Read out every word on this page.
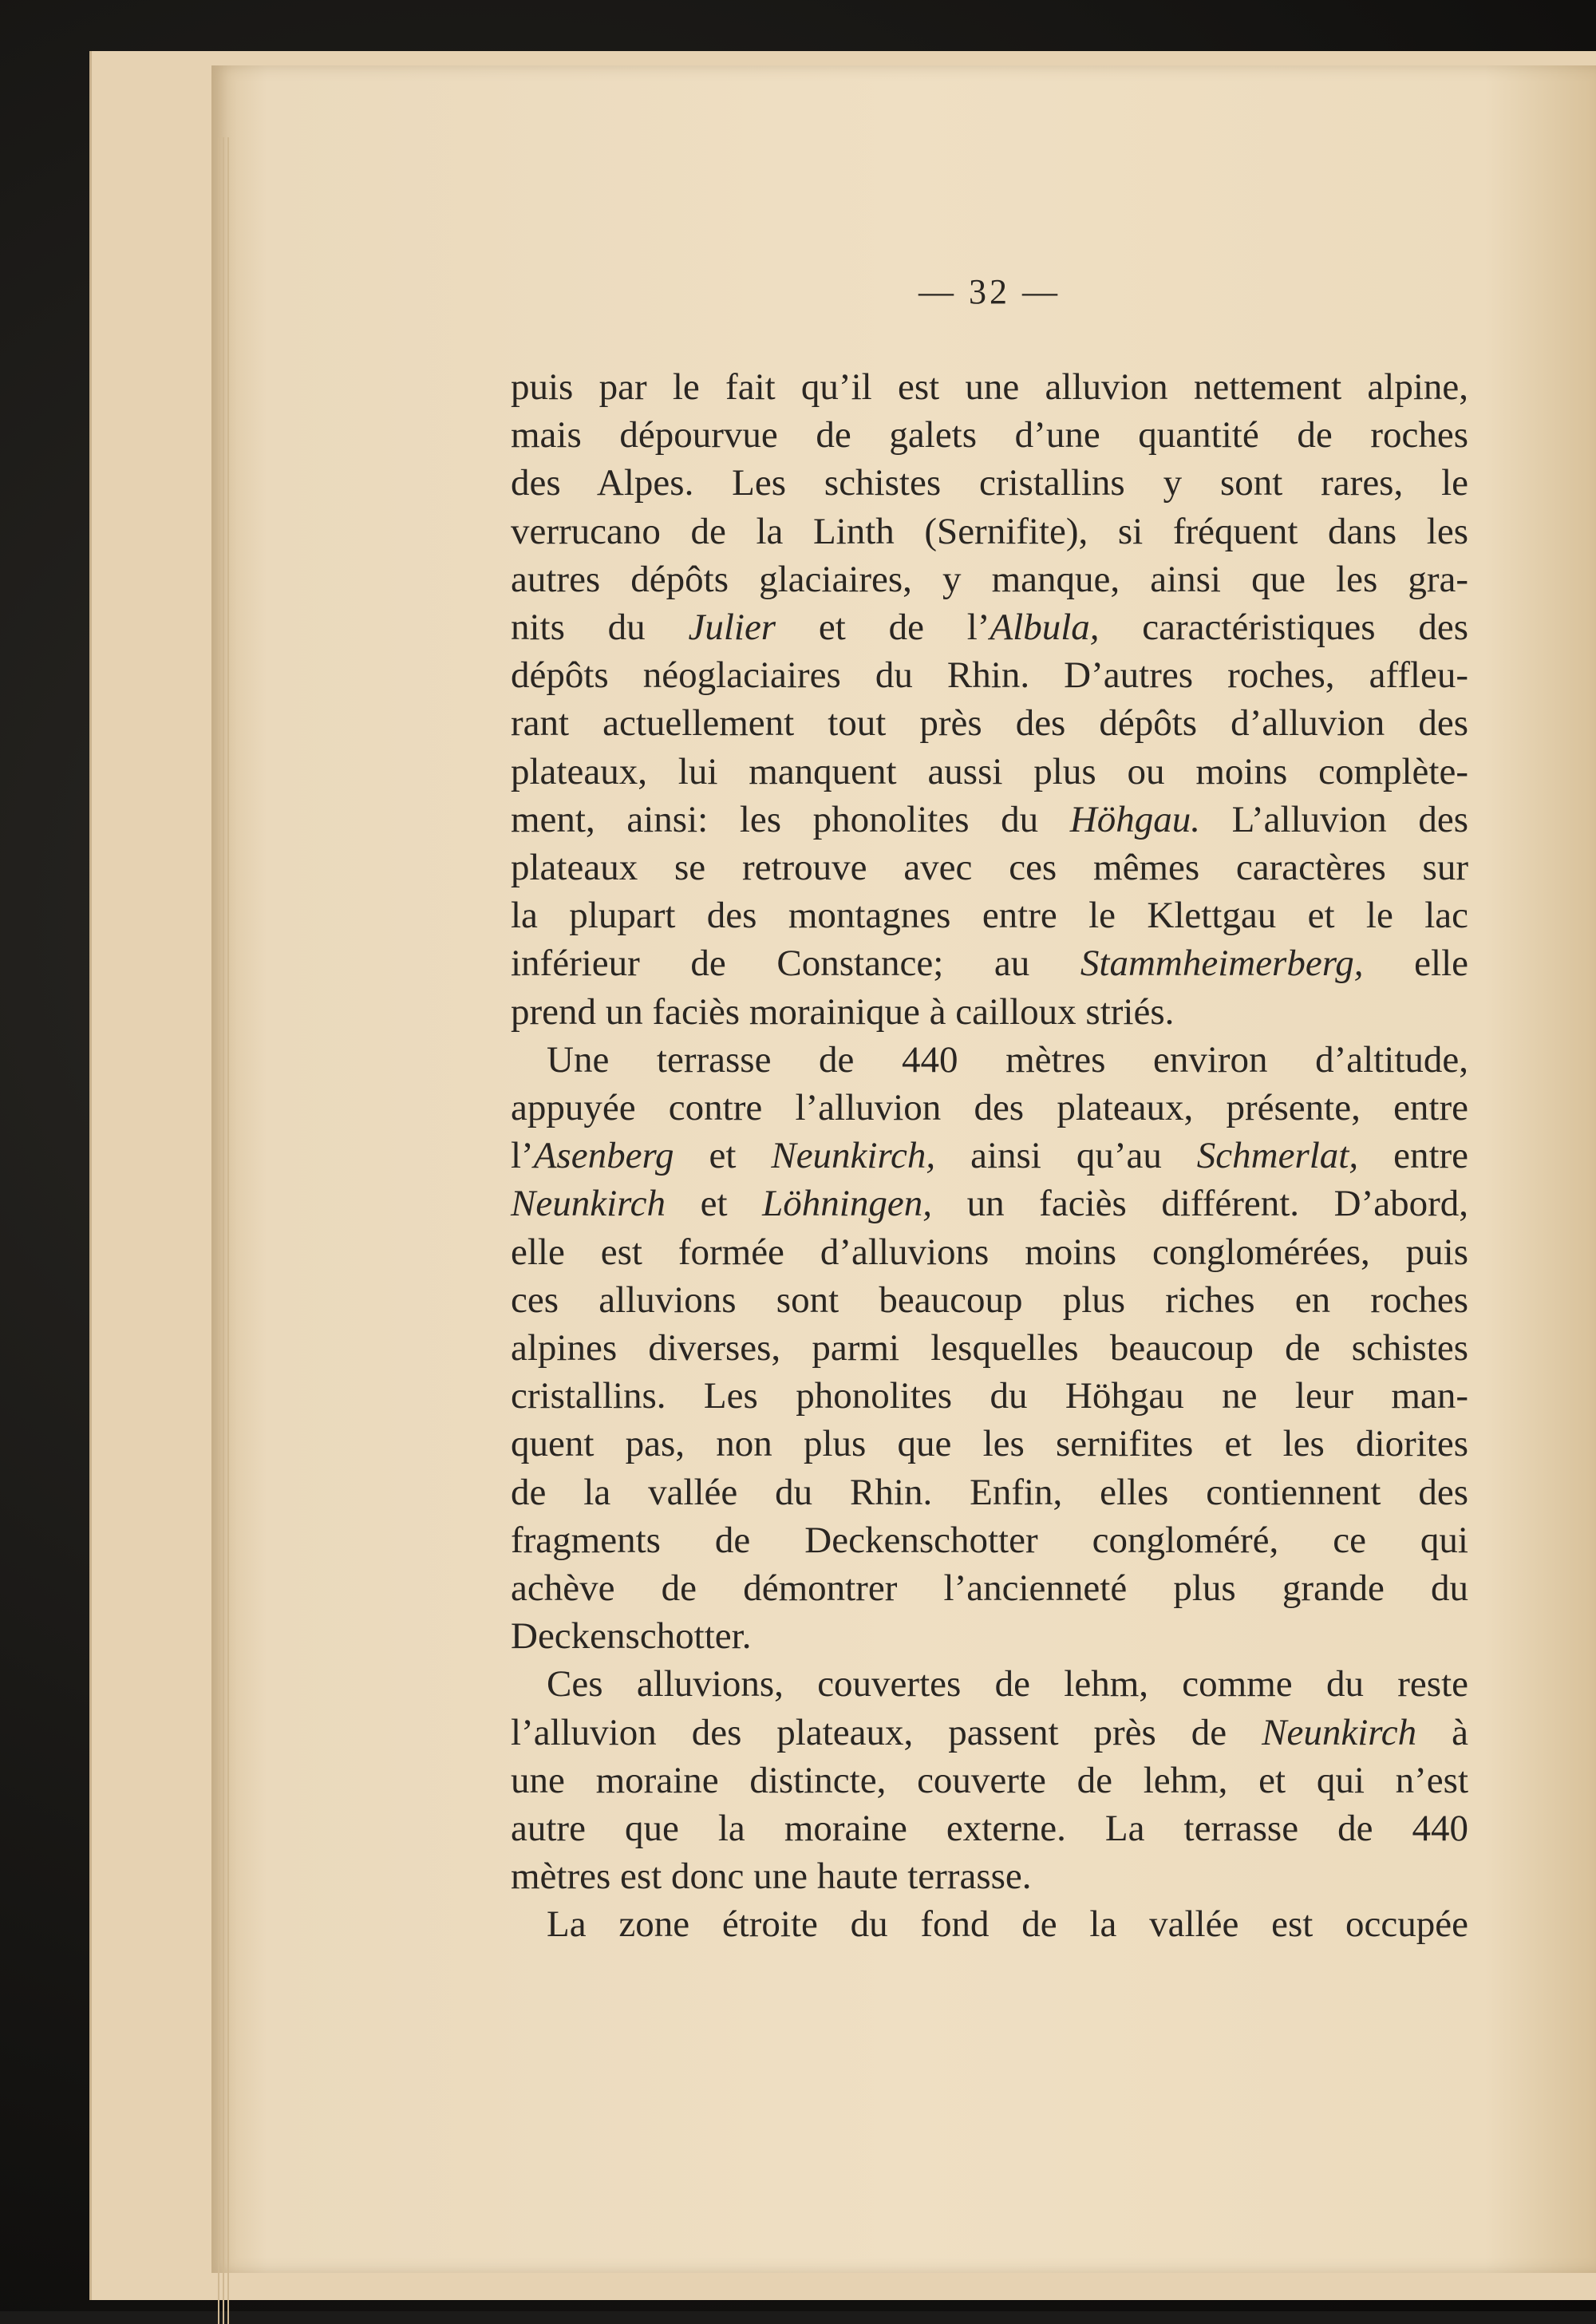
— 32 —
puis par le fait qu’il est une alluvion nettement alpine,
mais dépourvue de galets d’une quantité de roches
des Alpes. Les schistes cristallins y sont rares, le
verrucano de la Linth (Sernifite), si fréquent dans les
autres dépôts glaciaires, y manque, ainsi que les gra-
nits du Julier et de l’Albula, caractéristiques des
dépôts néoglaciaires du Rhin. D’autres roches, affleu-
rant actuellement tout près des dépôts d’alluvion des
plateaux, lui manquent aussi plus ou moins complète-
ment, ainsi: les phonolites du Höhgau. L’alluvion des
plateaux se retrouve avec ces mêmes caractères sur
la plupart des montagnes entre le Klettgau et le lac
inférieur de Constance; au Stammheimerberg, elle
prend un faciès morainique à cailloux striés.
Une terrasse de 440 mètres environ d’altitude,
appuyée contre l’alluvion des plateaux, présente, entre
l’Asenberg et Neunkirch, ainsi qu’au Schmerlat, entre
Neunkirch et Löhningen, un faciès différent. D’abord,
elle est formée d’alluvions moins conglomérées, puis
ces alluvions sont beaucoup plus riches en roches
alpines diverses, parmi lesquelles beaucoup de schistes
cristallins. Les phonolites du Höhgau ne leur man-
quent pas, non plus que les sernifites et les diorites
de la vallée du Rhin. Enfin, elles contiennent des
fragments de Deckenschotter congloméré, ce qui
achève de démontrer l’ancienneté plus grande du
Deckenschotter.
Ces alluvions, couvertes de lehm, comme du reste
l’alluvion des plateaux, passent près de Neunkirch à
une moraine distincte, couverte de lehm, et qui n’est
autre que la moraine externe. La terrasse de 440
mètres est donc une haute terrasse.
La zone étroite du fond de la vallée est occupée
